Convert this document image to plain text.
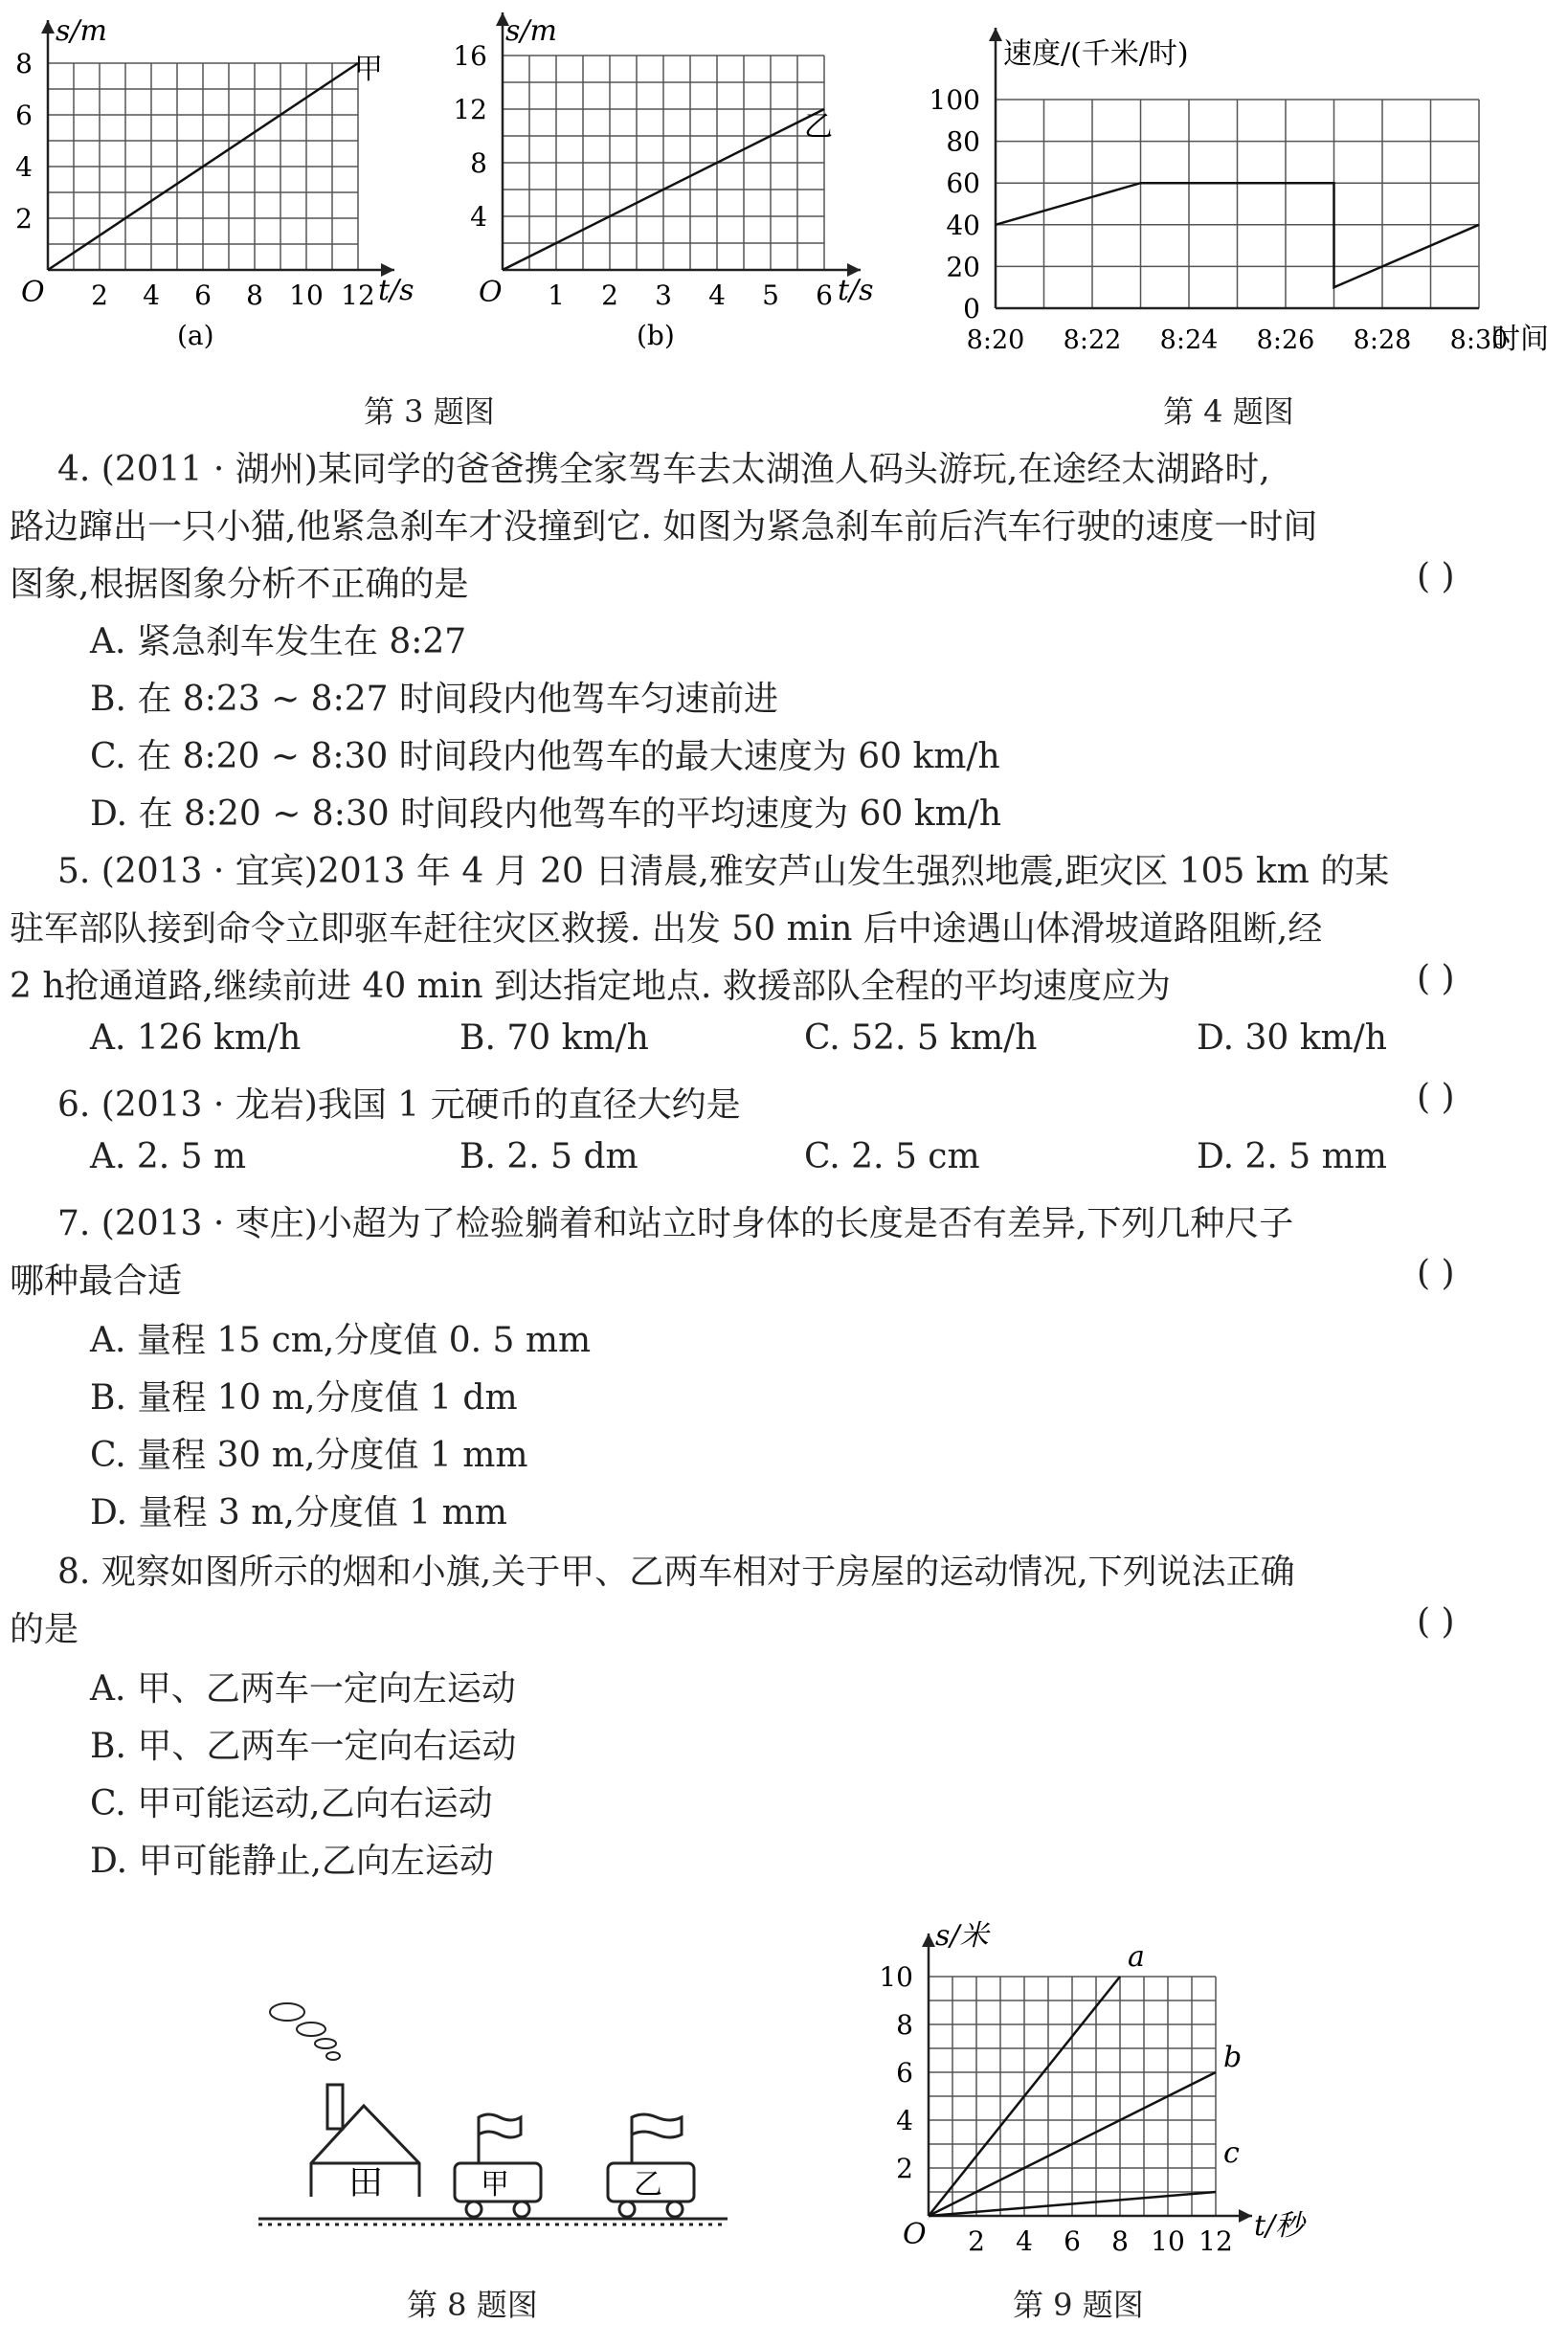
2 4 6 8 10 12
2
4
6
8
s/m
t/s
O
甲
(a)
1 2 3 4 5 6
4
8
12
16
s/m
t/s
O
乙
(b)
第 3 题图
0
20
40
60
80
100
8:20 8:22 8:24 8:26 8:28 8:30
速度/(千米/时)
时间
第 4 题图
4. (2011 · 湖州)某同学的爸爸携全家驾车去太湖渔人码头游玩,在途经太湖路时,
路边蹿出一只小猫,他紧急刹车才没撞到它. 如图为紧急刹车前后汽车行驶的速度一时间
图象,根据图象分析不正确的是	( )
A. 紧急刹车发生在 8:27
B. 在 8:23 ~ 8:27 时间段内他驾车匀速前进
C. 在 8:20 ~ 8:30 时间段内他驾车的最大速度为 60 km/h
D. 在 8:20 ~ 8:30 时间段内他驾车的平均速度为 60 km/h
5. (2013 · 宜宾)2013 年 4 月 20 日清晨,雅安芦山发生强烈地震,距灾区 105 km 的某
驻军部队接到命令立即驱车赶往灾区救援. 出发 50 min 后中途遇山体滑坡道路阻断,经
2 h抢通道路,继续前进 40 min 到达指定地点. 救援部队全程的平均速度应为	( )
A. 126 km/h	B. 70 km/h	C. 52. 5 km/h	D. 30 km/h
6. (2013 · 龙岩)我国 1 元硬币的直径大约是	( )
A. 2. 5 m	B. 2. 5 dm	C. 2. 5 cm	D. 2. 5 mm
7. (2013 · 枣庄)小超为了检验躺着和站立时身体的长度是否有差异,下列几种尺子
哪种最合适	( )
A. 量程 15 cm,分度值 0. 5 mm
B. 量程 10 m,分度值 1 dm
C. 量程 30 m,分度值 1 mm
D. 量程 3 m,分度值 1 mm
8. 观察如图所示的烟和小旗,关于甲、乙两车相对于房屋的运动情况,下列说法正确
的是	( )
A. 甲、乙两车一定向左运动
B. 甲、乙两车一定向右运动
C. 甲可能运动,乙向右运动
D. 甲可能静止,乙向左运动
田	甲	乙
第 8 题图
2 4 6 8 10 12
2
4
6
8
10
a
b
c
s/米
t/秒
O
第 9 题图
